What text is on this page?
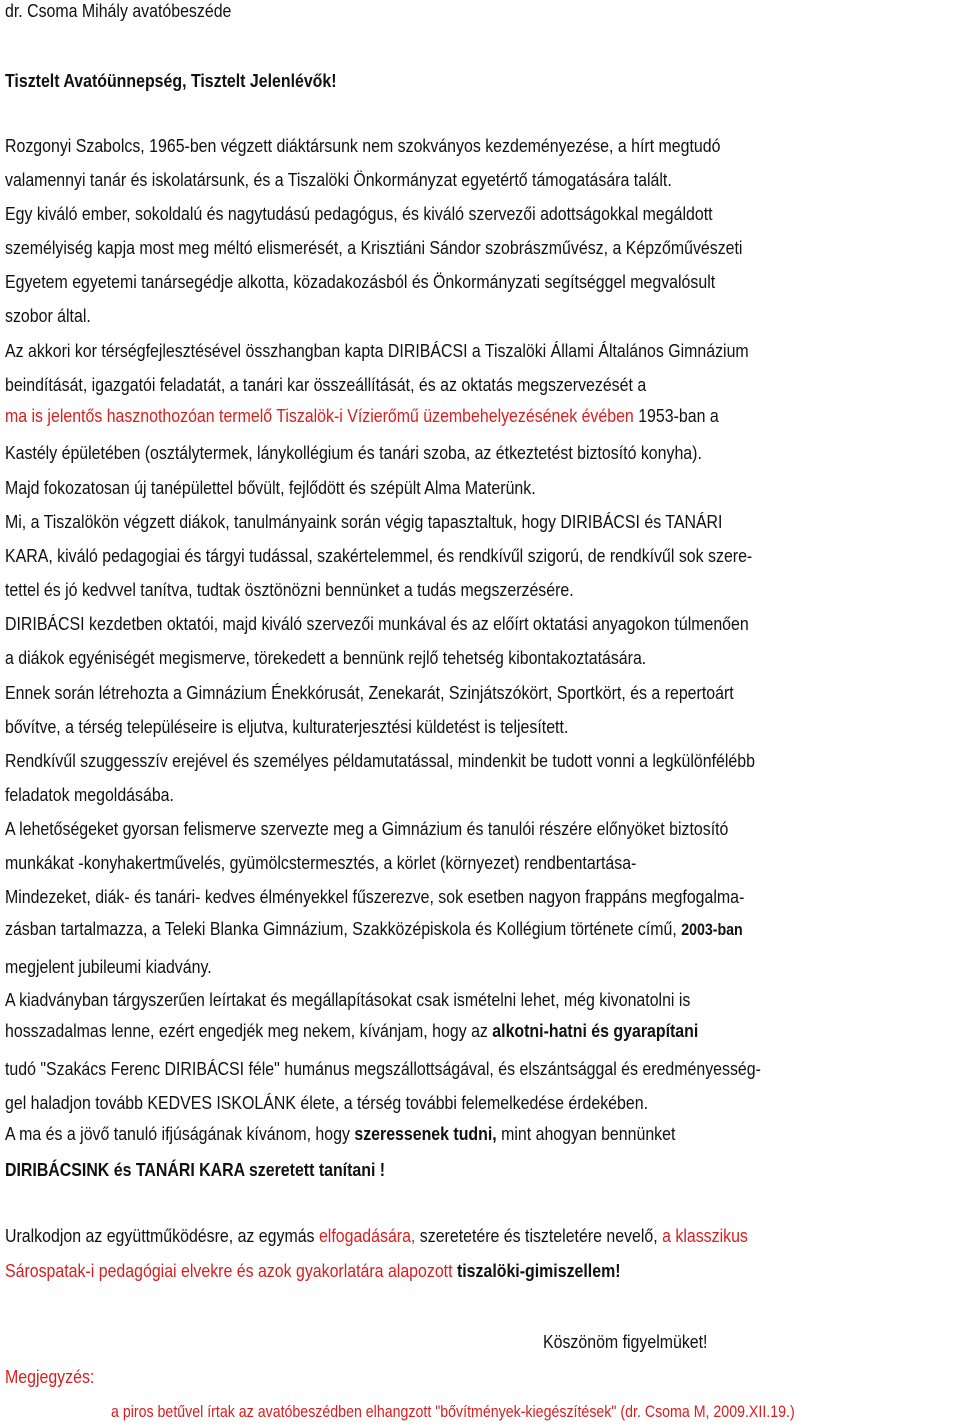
dr. Csoma Mihály avatóbeszéde
Tisztelt Avatóünnepség, Tisztelt Jelenlévők!
Rozgonyi Szabolcs, 1965-ben végzett diáktársunk nem szokványos kezdeményezése, a hírt megtudó
valamennyi tanár és iskolatársunk, és a Tiszalöki Önkormányzat egyetértő támogatására talált.
Egy kiváló ember, sokoldalú és nagytudású pedagógus, és kiváló szervezői adottságokkal megáldott
személyiség kapja most meg méltó elismerését, a Krisztiáni Sándor szobrászművész, a Képzőművészeti
Egyetem egyetemi tanársegédje alkotta, közadakozásból és Önkormányzati segítséggel megvalósult
szobor által.
Az akkori kor térségfejlesztésével összhangban kapta DIRIBÁCSI a Tiszalöki Állami Általános Gimnázium
beindítását, igazgatói feladatát, a tanári kar összeállítását, és az oktatás megszervezését a
ma is jelentős hasznothozóan termelő Tiszalök-i Vízierőmű üzembehelyezésének évében 1953-ban a
Kastély épületében (osztálytermek, lánykollégium és tanári szoba, az étkeztetést biztosító konyha).
Majd fokozatosan új tanépülettel bővült, fejlődött és szépült Alma Materünk.
Mi, a Tiszalökön végzett diákok, tanulmányaink során végig tapasztaltuk, hogy DIRIBÁCSI és TANÁRI
KARA, kiváló pedagogiai és tárgyi tudással, szakértelemmel, és rendkívűl szigorú, de rendkívűl sok szere-
tettel és jó kedvvel tanítva, tudtak ösztönözni bennünket a tudás megszerzésére.
DIRIBÁCSI kezdetben oktatói, majd kiváló szervezői munkával és az előírt oktatási anyagokon túlmenően
a diákok egyéniségét megismerve, törekedett a bennünk rejlő tehetség kibontakoztatására.
Ennek során létrehozta a Gimnázium Énekkórusát, Zenekarát, Szinjátszókört, Sportkört, és a repertoárt
bővítve, a térség településeire is eljutva, kulturaterjesztési küldetést is teljesített.
Rendkívűl szuggesszív erejével és személyes példamutatással, mindenkit be tudott vonni a legkülönfélébb
feladatok megoldásába.
A lehetőségeket gyorsan felismerve szervezte meg a Gimnázium és tanulói részére előnyöket biztosító
munkákat -konyhakertművelés, gyümölcstermesztés, a körlet (környezet) rendbentartása-
Mindezeket, diák- és tanári- kedves élményekkel fűszerezve, sok esetben nagyon frappáns megfogalma-
zásban tartalmazza, a Teleki Blanka Gimnázium, Szakközépiskola és Kollégium története című, 2003-ban
megjelent jubileumi kiadvány.
A kiadványban tárgyszerűen leírtakat és megállapításokat csak ismételni lehet, még kivonatolni is
hosszadalmas lenne, ezért engedjék meg nekem, kívánjam, hogy az alkotni-hatni és gyarapítani
tudó "Szakács Ferenc DIRIBÁCSI féle" humánus megszállottságával, és elszántsággal és eredményesség-
gel haladjon tovább KEDVES ISKOLÁNK élete, a térség további felemelkedése érdekében.
A ma és a jövő tanuló ifjúságának kívánom, hogy szeressenek tudni, mint ahogyan bennünket
DIRIBÁCSINK és TANÁRI KARA szeretett tanítani !
Uralkodjon az együttműködésre, az egymás elfogadására, szeretetére és tiszteletére nevelő, a klasszikus
Sárospatak-i pedagógiai elvekre és azok gyakorlatára alapozott tiszalöki-gimiszellem!
Köszönöm figyelmüket!
Megjegyzés:
a piros betűvel írtak az avatóbeszédben elhangzott "bővítmények-kiegészítések" (dr. Csoma M, 2009.XII.19.)
